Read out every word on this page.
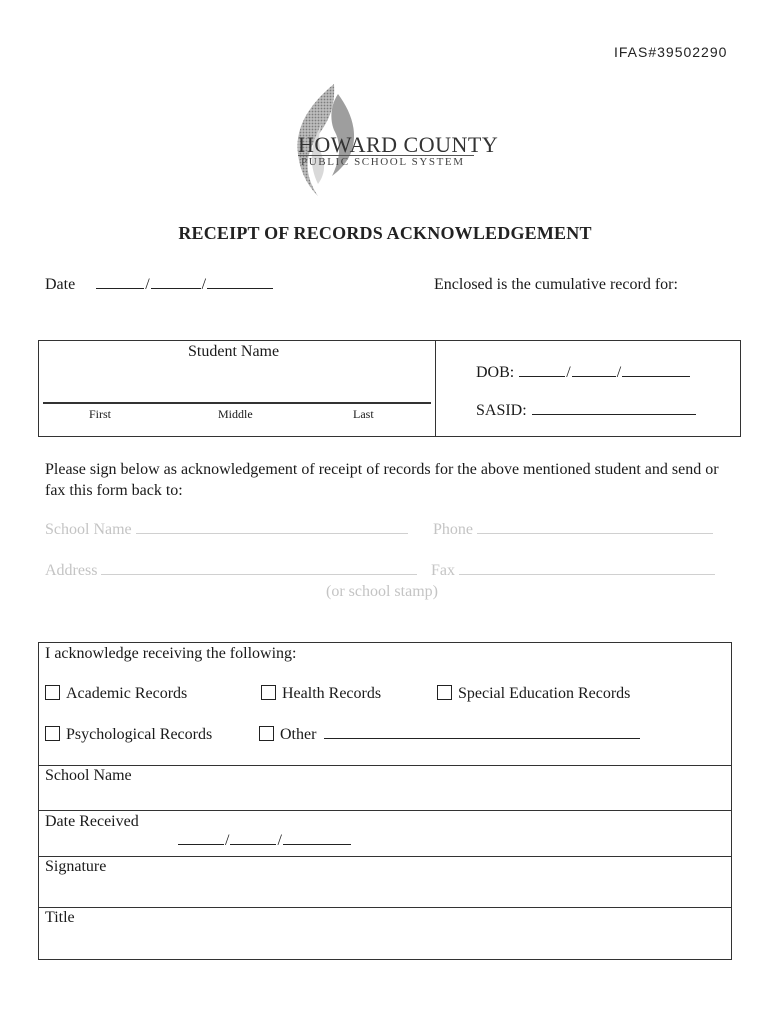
IFAS#39502290
HOWARD COUNTY
PUBLIC SCHOOL SYSTEM
RECEIPT OF RECORDS ACKNOWLEDGEMENT
Date	/	/	Enclosed is the cumulative record for:
Student Name
First	Middle	Last
DOB:	/	/
SASID:
Please sign below as acknowledgement of receipt of records for the above mentioned student and send or fax this form back to:
School Name	Phone
Address	Fax
(or school stamp)
I acknowledge receiving the following:
Academic Records	Health Records	Special Education Records
Psychological Records	Other
School Name
Date Received
/	/
Signature
Title
